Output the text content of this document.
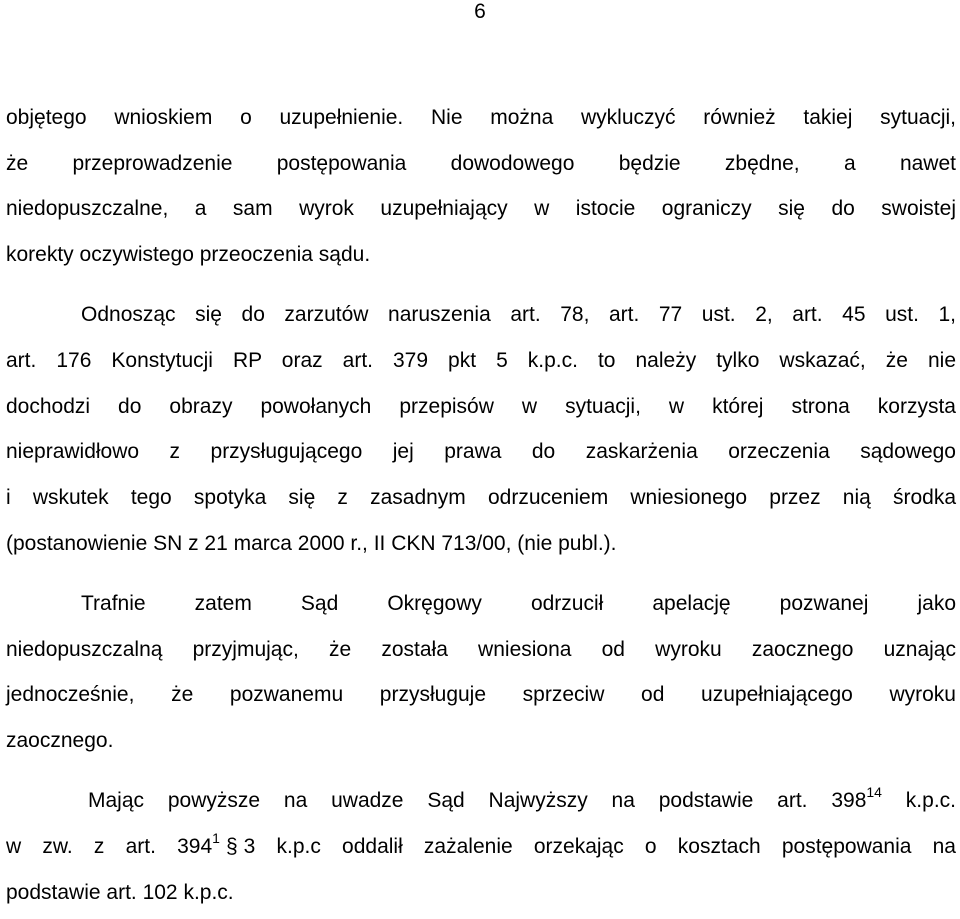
6
objętego wnioskiem o uzupełnienie. Nie można wykluczyć również takiej sytuacji,
że przeprowadzenie postępowania dowodowego będzie zbędne, a nawet
niedopuszczalne, a sam wyrok uzupełniający w istocie ograniczy się do swoistej
korekty oczywistego przeoczenia sądu.
Odnosząc się do zarzutów naruszenia art. 78, art. 77 ust. 2, art. 45 ust. 1,
art. 176 Konstytucji RP oraz art. 379 pkt 5 k.p.c. to należy tylko wskazać, że nie
dochodzi do obrazy powołanych przepisów w sytuacji, w której strona korzysta
nieprawidłowo z przysługującego jej prawa do zaskarżenia orzeczenia sądowego
i wskutek tego spotyka się z zasadnym odrzuceniem wniesionego przez nią środka
(postanowienie SN z 21 marca 2000 r., II CKN 713/00, (nie publ.).
Trafnie zatem Sąd Okręgowy odrzucił apelację pozwanej jako
niedopuszczalną przyjmując, że została wniesiona od wyroku zaocznego uznając
jednocześnie, że pozwanemu przysługuje sprzeciw od uzupełniającego wyroku
zaocznego.
Mając powyższe na uwadze Sąd Najwyższy na podstawie art. $398^{14}$ k.p.c.
w zw. z art. $394^1$ § 3 k.p.c oddalił zażalenie orzekając o kosztach postępowania na
podstawie art. 102 k.p.c.
